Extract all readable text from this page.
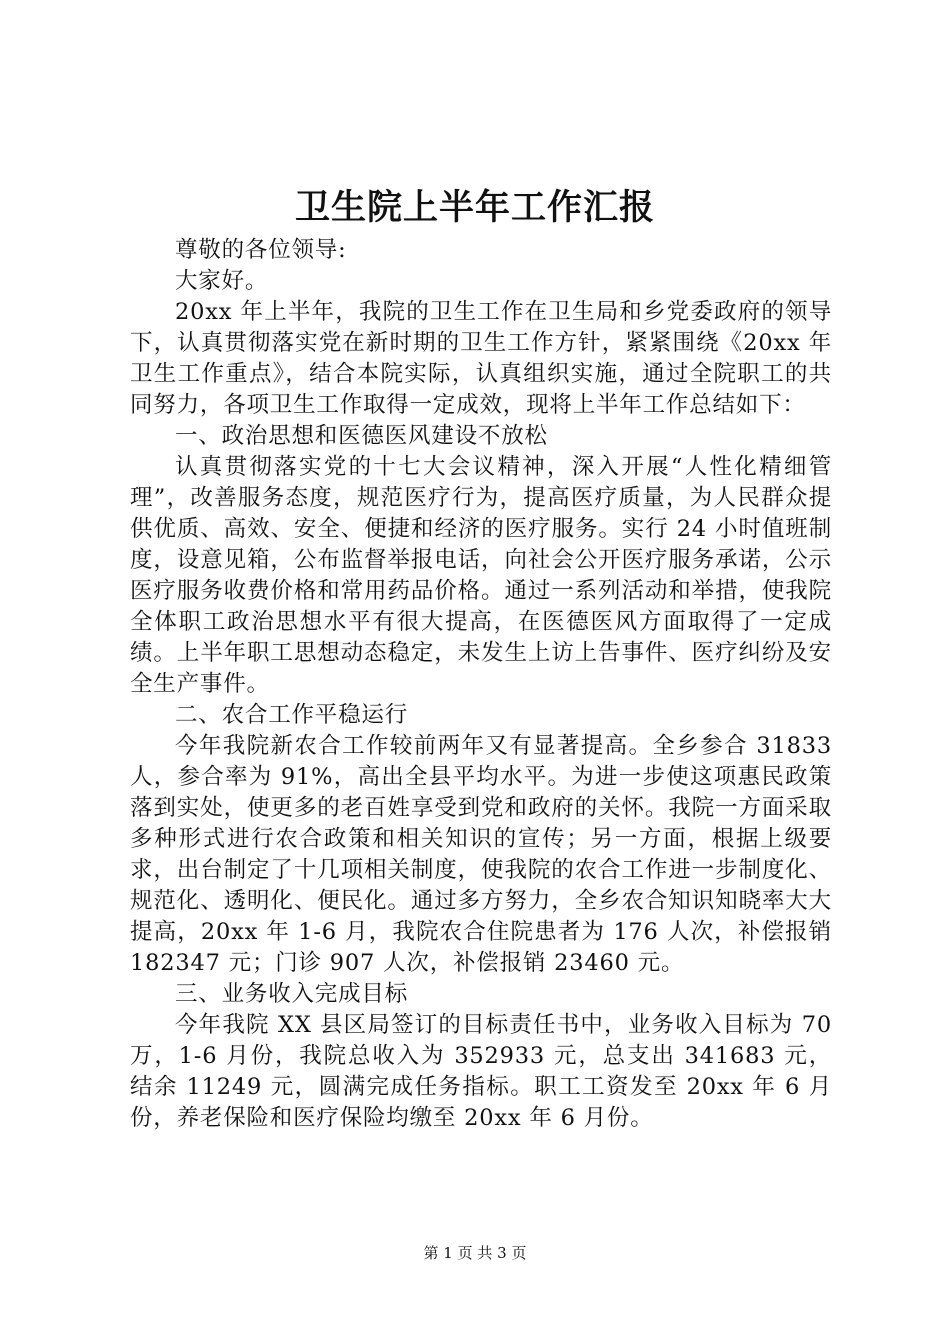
卫生院上半年工作汇报

尊敬的各位领导:

大家好。

20xx 年上半年，我院的卫生工作在卫生局和乡党委政府的领导下，认真贯彻落实党在新时期的卫生工作方针，紧紧围绕《20xx 年卫生工作重点》，结合本院实际，认真组织实施，通过全院职工的共同努力，各项卫生工作取得一定成效，现将上半年工作总结如下：

一、政治思想和医德医风建设不放松

认真贯彻落实党的十七大会议精神，深入开展“人性化精细管理”，改善服务态度，规范医疗行为，提高医疗质量，为人民群众提供优质、高效、安全、便捷和经济的医疗服务。实行 24 小时值班制度，设意见箱，公布监督举报电话，向社会公开医疗服务承诺，公示医疗服务收费价格和常用药品价格。通过一系列活动和举措，使我院全体职工政治思想水平有很大提高，在医德医风方面取得了一定成绩。上半年职工思想动态稳定，未发生上访上告事件、医疗纠纷及安全生产事件。

二、农合工作平稳运行

今年我院新农合工作较前两年又有显著提高。全乡参合 31833 人，参合率为 91%，高出全县平均水平。为进一步使这项惠民政策落到实处，使更多的老百姓享受到党和政府的关怀。我院一方面采取多种形式进行农合政策和相关知识的宣传；另一方面，根据上级要求，出台制定了十几项相关制度，使我院的农合工作进一步制度化、规范化、透明化、便民化。通过多方努力，全乡农合知识知晓率大大提高，20xx 年 1-6 月，我院农合住院患者为 176 人次，补偿报销 182347 元；门诊 907 人次，补偿报销 23460 元。

三、业务收入完成目标

今年我院 XX 县区局签订的目标责任书中，业务收入目标为 70 万，1-6 月份，我院总收入为 352933 元，总支出 341683 元，结余 11249 元，圆满完成任务指标。职工工资发至 20xx 年 6 月份，养老保险和医疗保险均缴至 20xx 年 6 月份。

第 1 页 共 3 页
